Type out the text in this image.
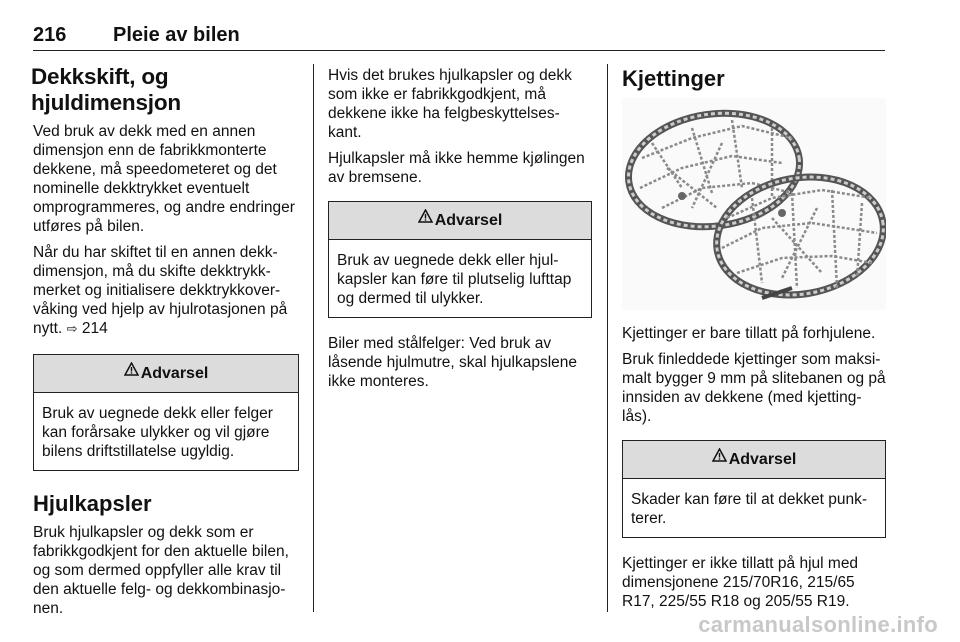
216 Pleie av bilen
Dekkskift, og hjuldimensjon

Ved bruk av dekk med en annen dimensjon enn de fabrikkmonterte dekkene, må speedometeret og det nominelle dekktrykket eventuelt omprogrammeres, og andre endringer utføres på bilen.

Når du har skiftet til en annen dekk-dimensjon, må du skifte dekktrykk-merket og initialisere dekktrykkover-våking ved hjelp av hjulrotasjonen på nytt. ⇨ 214

Advarsel
Bruk av uegnede dekk eller felger kan forårsake ulykker og vil gjøre bilens driftstillatelse ugyldig.
Hjulkapsler

Bruk hjulkapsler og dekk som er fabrikkgodkjent for den aktuelle bilen, og som dermed oppfyller alle krav til den aktuelle felg- og dekkombinasjo-nen.

Hvis det brukes hjulkapsler og dekk som ikke er fabrikkgodkjent, må dekkene ikke ha felgbeskyttelses-kant.

Hjulkapsler må ikke hemme kjølingen av bremsene.

Advarsel
Bruk av uegnede dekk eller hjul-kapsler kan føre til plutselig lufttap og dermed til ulykker.

Biler med stålfelger: Ved bruk av låsende hjulmutre, skal hjulkapslene ikke monteres.

Kjettinger

Kjettinger er bare tillatt på forhjulene.

Bruk finleddede kjettinger som maksi-malt bygger 9 mm på slitebanen og på innsiden av dekkene (med kjetting-lås).

Advarsel
Skader kan føre til at dekket punk-terer.

Kjettinger er ikke tillatt på hjul med dimensjonene 215/70R16, 215/65 R17, 225/55 R18 og 205/55 R19.

carmanualsonline.info
